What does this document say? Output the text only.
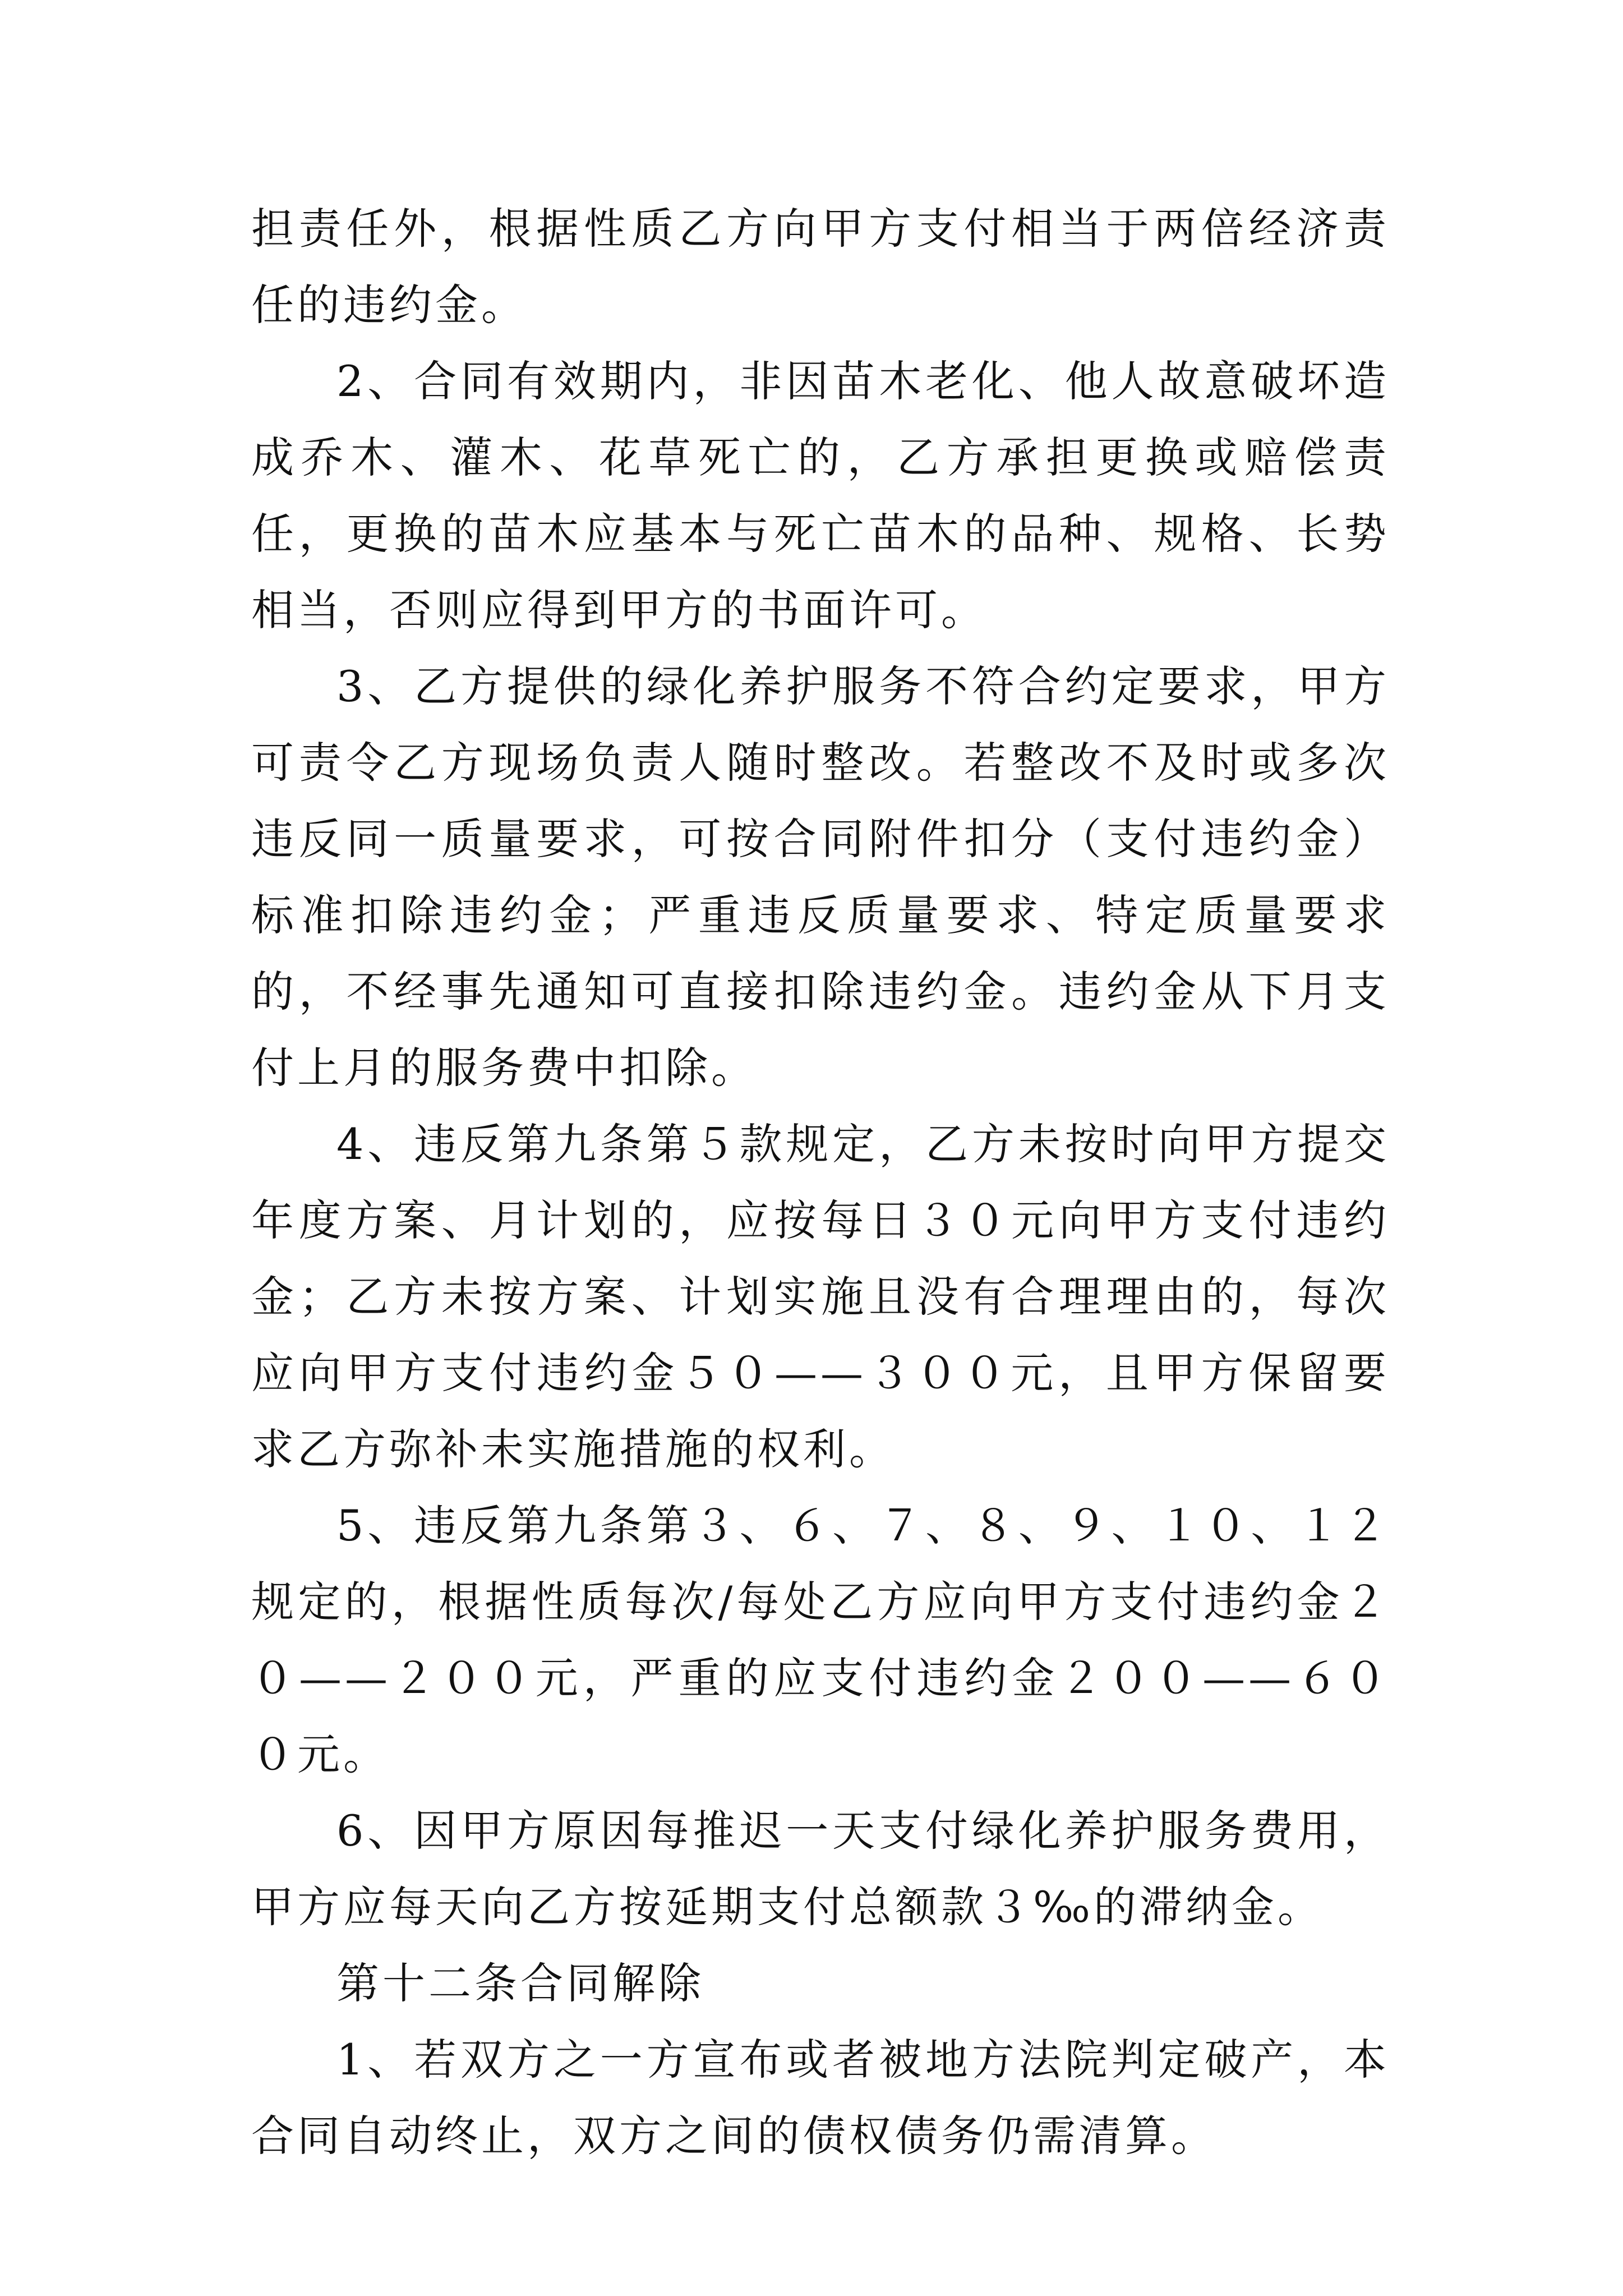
担责任外，根据性质乙方向甲方支付相当于两倍经济责任的违约金。

2、合同有效期内，非因苗木老化、他人故意破坏造成乔木、灌木、花草死亡的，乙方承担更换或赔偿责任，更换的苗木应基本与死亡苗木的品种、规格、长势相当，否则应得到甲方的书面许可。

3、乙方提供的绿化养护服务不符合约定要求，甲方可责令乙方现场负责人随时整改。若整改不及时或多次违反同一质量要求，可按合同附件扣分（支付违约金）标准扣除违约金；严重违反质量要求、特定质量要求的，不经事先通知可直接扣除违约金。违约金从下月支付上月的服务费中扣除。

4、违反第九条第５款规定，乙方未按时向甲方提交年度方案、月计划的，应按每日３０元向甲方支付违约金；乙方未按方案、计划实施且没有合理理由的，每次应向甲方支付违约金５０——３００元，且甲方保留要求乙方弥补未实施措施的权利。

5、违反第九条第３、６、７、８、９、１０、１２规定的，根据性质每次/每处乙方应向甲方支付违约金２０——２００元，严重的应支付违约金２００——６００元。

6、因甲方原因每推迟一天支付绿化养护服务费用，甲方应每天向乙方按延期支付总额款３‰的滞纳金。

第十二条合同解除

1、若双方之一方宣布或者被地方法院判定破产，本合同自动终止，双方之间的债权债务仍需清算。
